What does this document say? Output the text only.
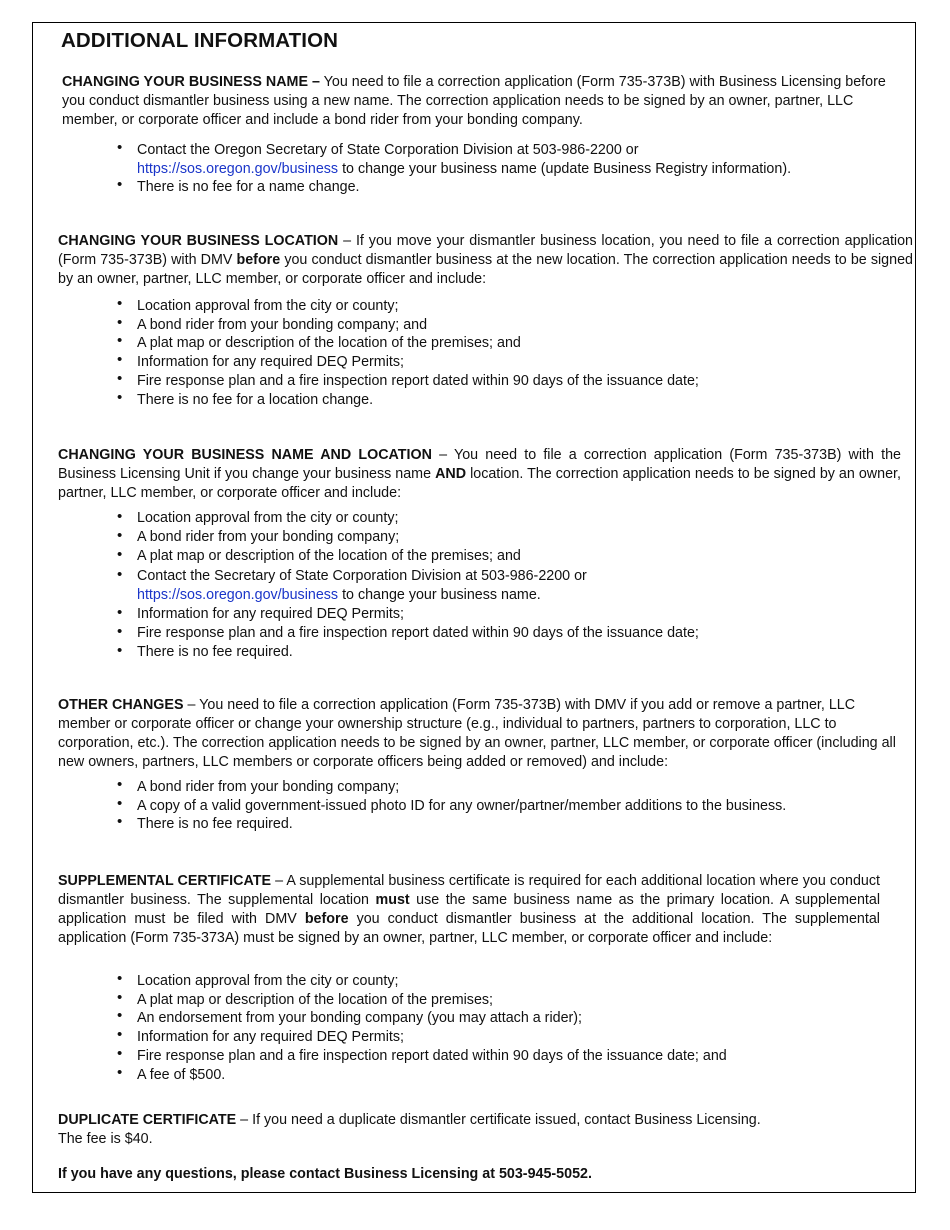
ADDITIONAL INFORMATION

CHANGING YOUR BUSINESS NAME – You need to file a correction application (Form 735-373B) with Business Licensing before you conduct dismantler business using a new name. The correction application needs to be signed by an owner, partner, LLC member, or corporate officer and include a bond rider from your bonding company.

• Contact the Oregon Secretary of State Corporation Division at 503-986-2200 or
https://sos.oregon.gov/business to change your business name (update Business Registry information).
• There is no fee for a name change.

CHANGING YOUR BUSINESS LOCATION – If you move your dismantler business location, you need to file a correction application (Form 735-373B) with DMV before you conduct dismantler business at the new location. The correction application needs to be signed by an owner, partner, LLC member, or corporate officer and include:

• Location approval from the city or county;
• A bond rider from your bonding company; and
• A plat map or description of the location of the premises; and
• Information for any required DEQ Permits;
• Fire response plan and a fire inspection report dated within 90 days of the issuance date;
• There is no fee for a location change.

CHANGING YOUR BUSINESS NAME AND LOCATION – You need to file a correction application (Form 735-373B) with the Business Licensing Unit if you change your business name AND location. The correction application needs to be signed by an owner, partner, LLC member, or corporate officer and include:

• Location approval from the city or county;
• A bond rider from your bonding company;
• A plat map or description of the location of the premises; and
• Contact the Secretary of State Corporation Division at 503-986-2200 or
https://sos.oregon.gov/business to change your business name.
• Information for any required DEQ Permits;
• Fire response plan and a fire inspection report dated within 90 days of the issuance date;
• There is no fee required.

OTHER CHANGES – You need to file a correction application (Form 735-373B) with DMV if you add or remove a partner, LLC member or corporate officer or change your ownership structure (e.g., individual to partners, partners to corporation, LLC to corporation, etc.). The correction application needs to be signed by an owner, partner, LLC member, or corporate officer (including all new owners, partners, LLC members or corporate officers being added or removed) and include:

• A bond rider from your bonding company;
• A copy of a valid government-issued photo ID for any owner/partner/member additions to the business.
• There is no fee required.

SUPPLEMENTAL CERTIFICATE – A supplemental business certificate is required for each additional location where you conduct dismantler business. The supplemental location must use the same business name as the primary location. A supplemental application must be filed with DMV before you conduct dismantler business at the additional location. The supplemental application (Form 735-373A) must be signed by an owner, partner, LLC member, or corporate officer and include:

• Location approval from the city or county;
• A plat map or description of the location of the premises;
• An endorsement from your bonding company (you may attach a rider);
• Information for any required DEQ Permits;
• Fire response plan and a fire inspection report dated within 90 days of the issuance date; and
• A fee of $500.

DUPLICATE CERTIFICATE – If you need a duplicate dismantler certificate issued, contact Business Licensing.
The fee is $40.

If you have any questions, please contact Business Licensing at 503-945-5052.
